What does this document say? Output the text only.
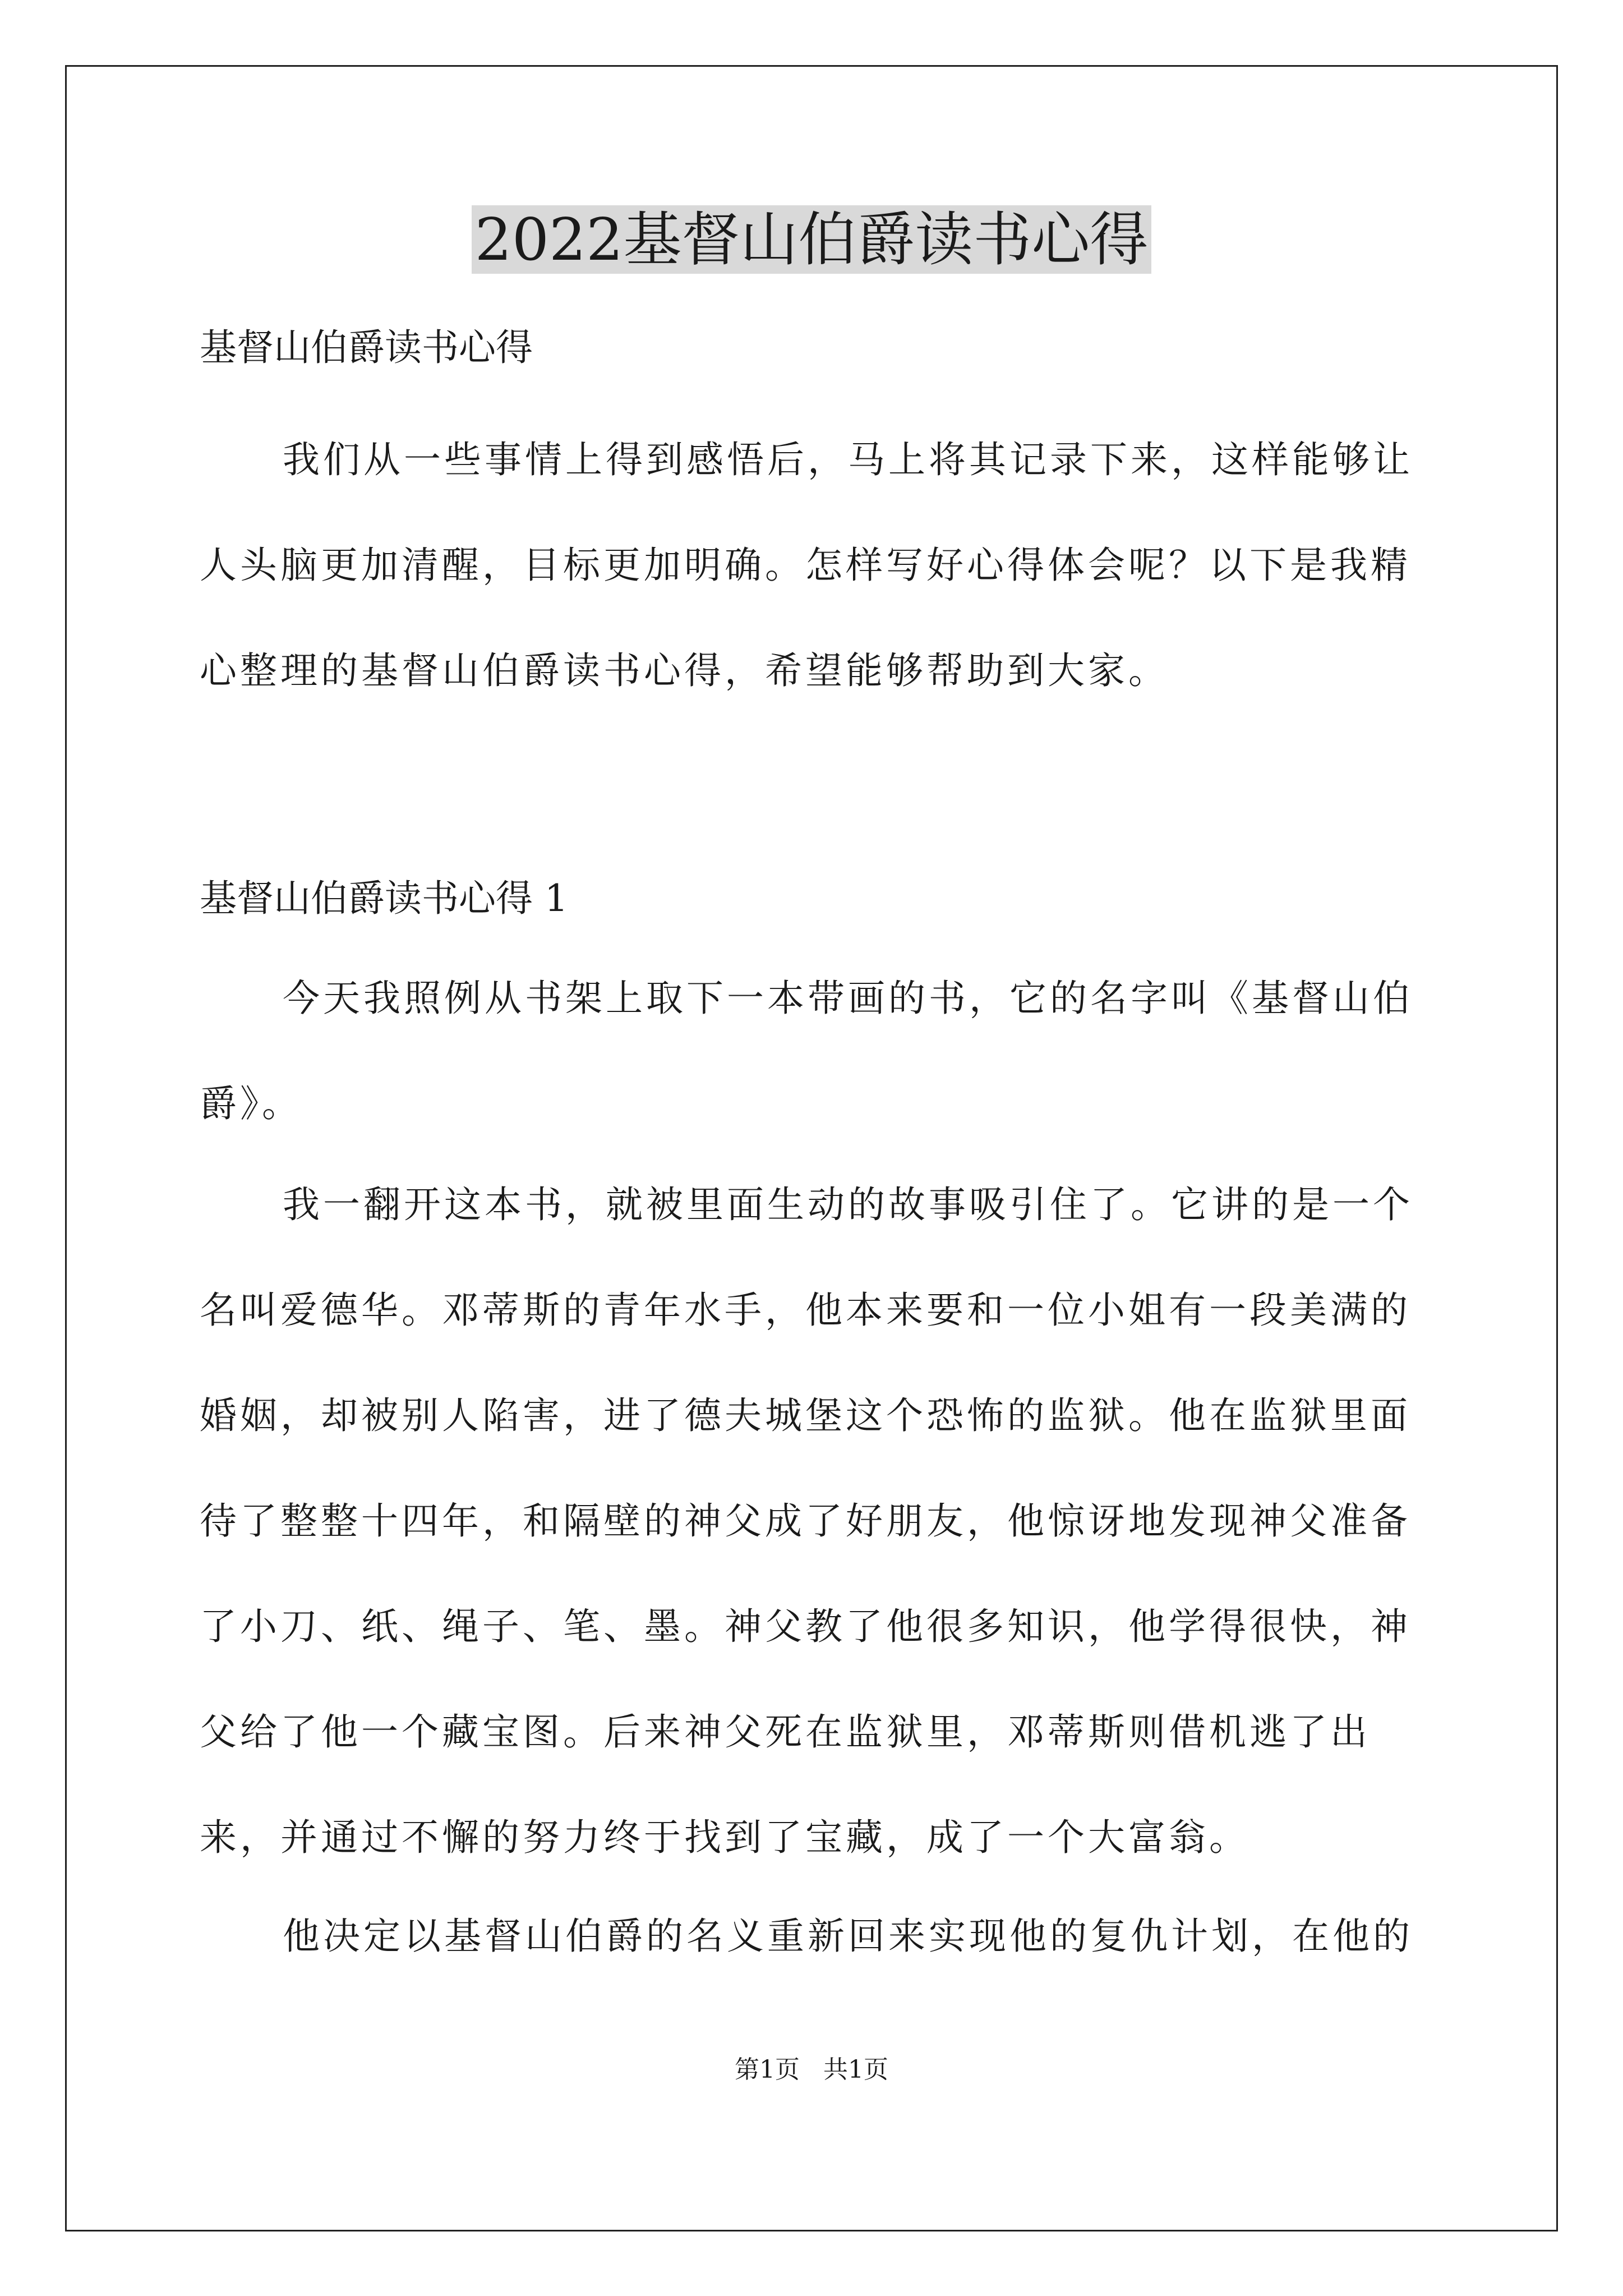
2022基督山伯爵读书心得

基督山伯爵读书心得

我们从一些事情上得到感悟后，马上将其记录下来，这样能够让人头脑更加清醒，目标更加明确。怎样写好心得体会呢？以下是我精心整理的基督山伯爵读书心得，希望能够帮助到大家。

基督山伯爵读书心得 1

今天我照例从书架上取下一本带画的书，它的名字叫《基督山伯爵》。

我一翻开这本书，就被里面生动的故事吸引住了。它讲的是一个名叫爱德华。邓蒂斯的青年水手，他本来要和一位小姐有一段美满的婚姻，却被别人陷害，进了德夫城堡这个恐怖的监狱。他在监狱里面待了整整十四年，和隔壁的神父成了好朋友，他惊讶地发现神父准备了小刀、纸、绳子、笔、墨。神父教了他很多知识，他学得很快，神父给了他一个藏宝图。后来神父死在监狱里，邓蒂斯则借机逃了出来，并通过不懈的努力终于找到了宝藏，成了一个大富翁。

他决定以基督山伯爵的名义重新回来实现他的复仇计划，在他的

第1页   共1页
